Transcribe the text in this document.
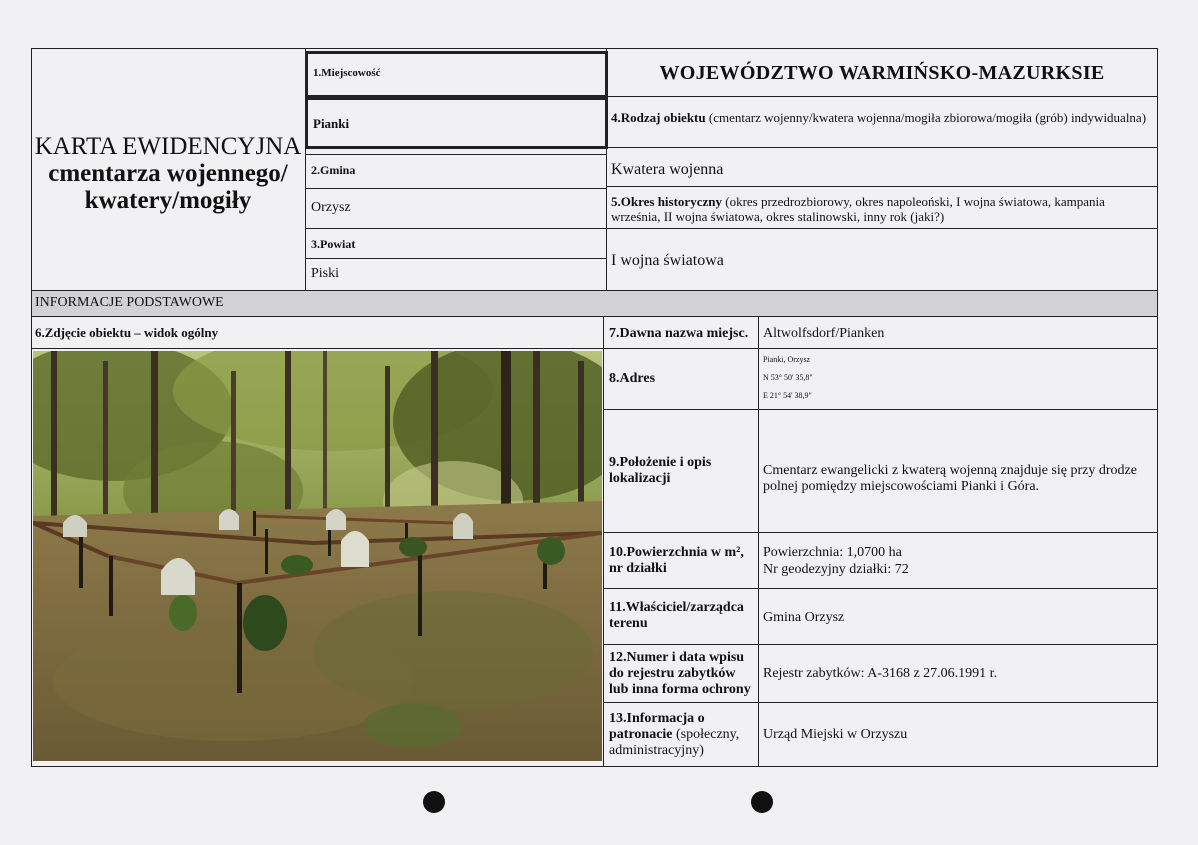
KARTA EWIDENCYJNA
cmentarza wojennego/
kwatery/mogiły
WOJEWÓDZTWO WARMIŃSKO-MAZURKSIE
1.Miejscowość
Pianki
2.Gmina
Orzysz
3.Powiat
Piski
4.Rodzaj obiektu (cmentarz wojenny/kwatera wojenna/mogiła zbiorowa/mogiła (grób) indywidualna)
Kwatera wojenna
5.Okres historyczny (okres przedrozbiorowy, okres napoleoński, I wojna światowa, kampania września, II wojna światowa, okres stalinowski, inny rok (jaki?)
I wojna światowa
INFORMACJE PODSTAWOWE
6.Zdjęcie obiektu – widok ogólny	7.Dawna nazwa miejsc. Altwolfsdorf/Pianken
8.Adres
Pianki, Orzysz
N 53° 50' 35,8"
E 21° 54' 38,9"
9.Położenie i opis lokalizacji
Cmentarz ewangelicki z kwaterą wojenną znajduje się przy drodze polnej pomiędzy miejscowościami Pianki i Góra.
10.Powierzchnia w m², nr działki
Powierzchnia: 1,0700 ha
Nr geodezyjny działki: 72
11.Właściciel/zarządca terenu	Gmina Orzysz
12.Numer i data wpisu do rejestru zabytków lub inna forma ochrony
Rejestr zabytków: A-3168 z 27.06.1991 r.
13.Informacja o patronacie (społeczny, administracyjny)
Urząd Miejski w Orzyszu
